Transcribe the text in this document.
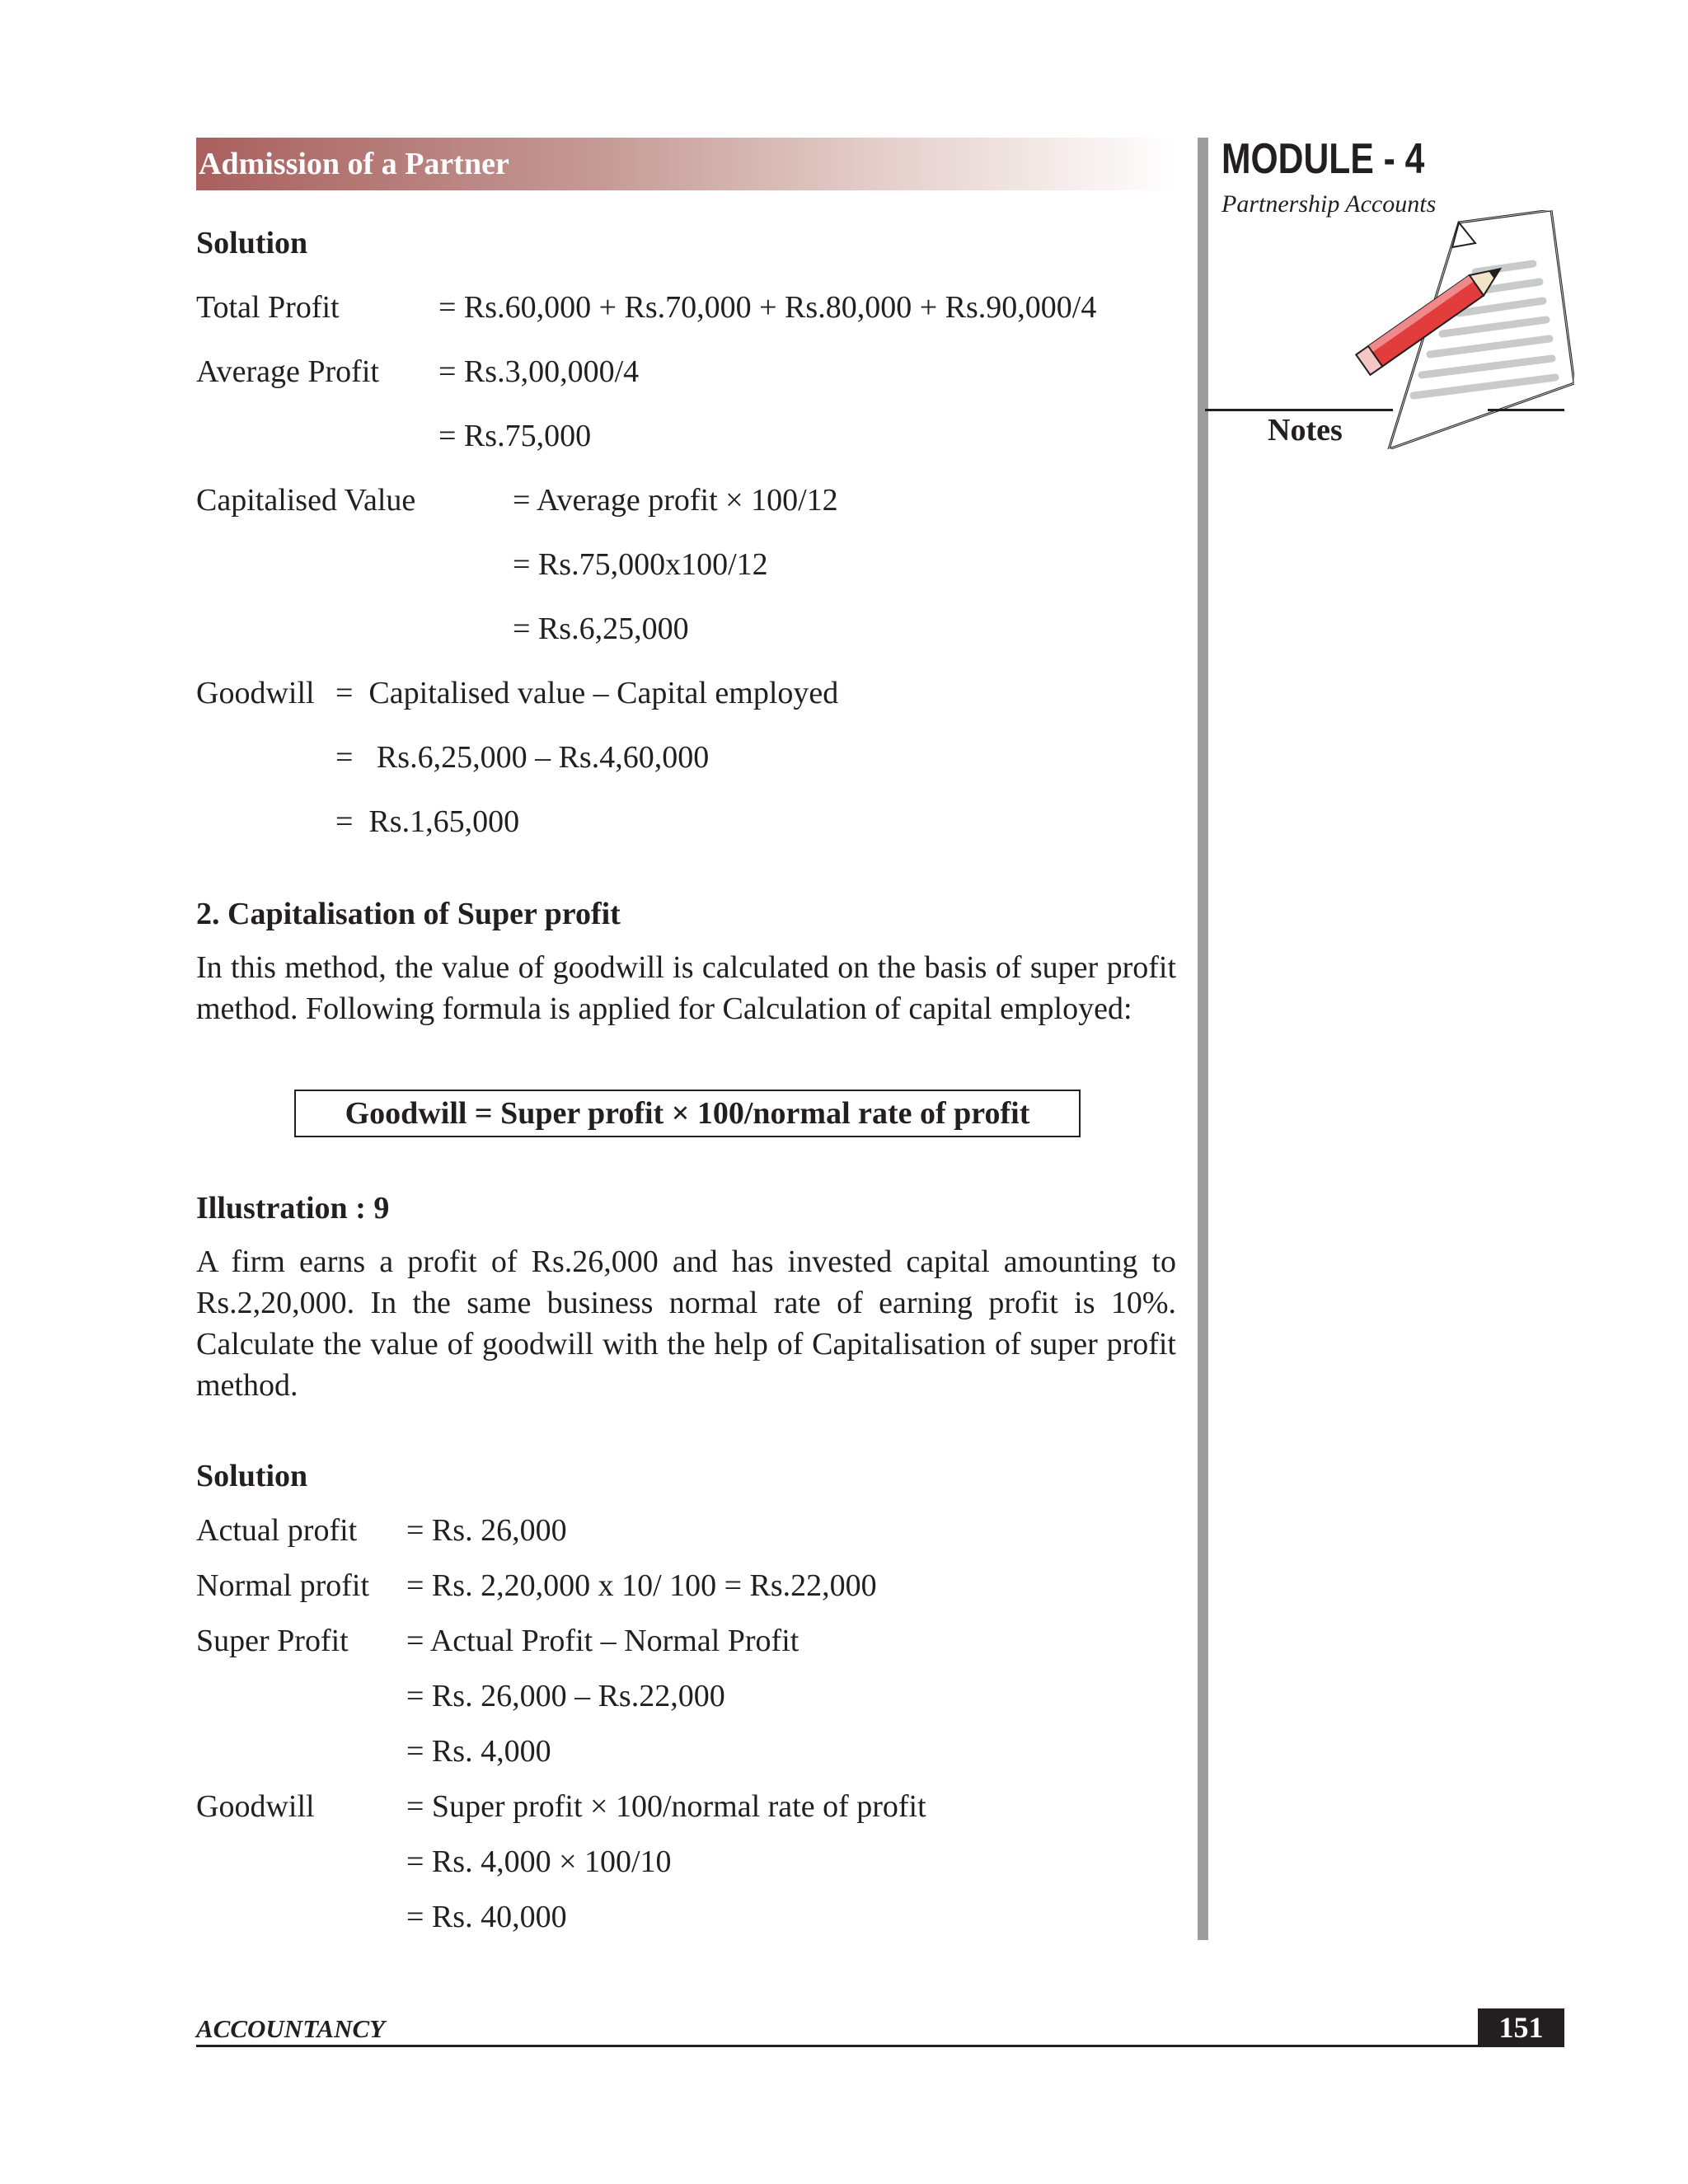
Admission of a Partner	MODULE - 4
Partnership Accounts
Notes
Solution
Total Profit	= Rs.60,000 + Rs.70,000 + Rs.80,000 + Rs.90,000/4
Average Profit = Rs.3,00,000/4
= Rs.75,000
Capitalised Value	= Average profit × 100/12
= Rs.75,000x100/12
= Rs.6,25,000
Goodwill =  Capitalised value – Capital employed
=   Rs.6,25,000 – Rs.4,60,000
=  Rs.1,65,000
2. Capitalisation of Super profit
In this method, the value of goodwill is calculated on the basis of super profit method. Following formula is applied for Calculation of capital employed:
Goodwill = Super profit × 100/normal rate of profit
Illustration : 9
A firm earns a profit of Rs.26,000 and has invested capital amounting to Rs.2,20,000. In the same business normal rate of earning profit is 10%. Calculate the value of goodwill with the help of Capitalisation of super profit method.
Solution
Actual profit = Rs. 26,000
Normal profit = Rs. 2,20,000 x 10/ 100 = Rs.22,000
Super Profit = Actual Profit – Normal Profit
= Rs. 26,000 – Rs.22,000
= Rs. 4,000
Goodwill	= Super profit × 100/normal rate of profit
= Rs. 4,000 × 100/10
= Rs. 40,000
ACCOUNTANCY	151
